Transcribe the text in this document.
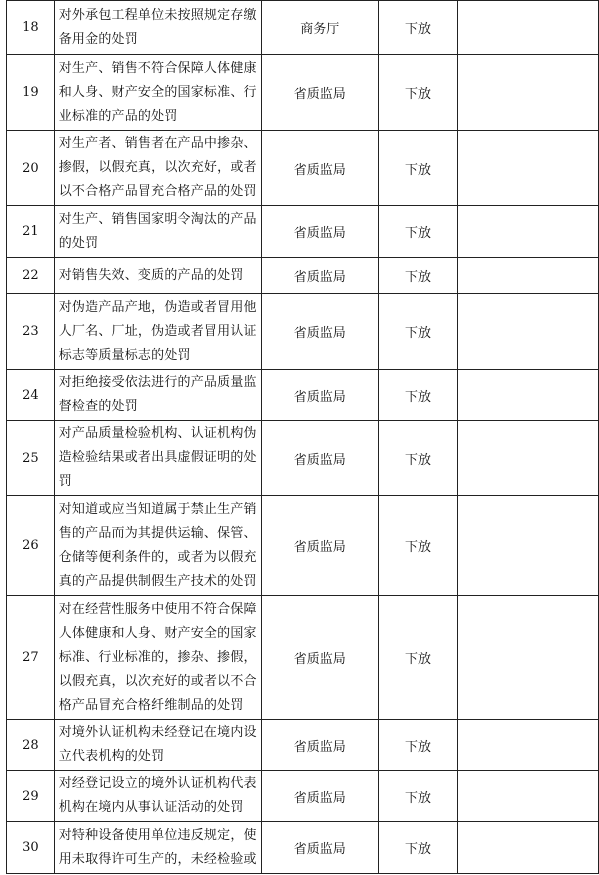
18	对外承包工程单位未按照规定存缴
备用金的处罚	商务厅	下放	
19	对生产、销售不符合保障人体健康
和人身、财产安全的国家标准、行
业标准的产品的处罚	省质监局	下放	
20	对生产者、销售者在产品中掺杂、
掺假，以假充真，以次充好，或者
以不合格产品冒充合格产品的处罚	省质监局	下放	
21	对生产、销售国家明令淘汰的产品
的处罚	省质监局	下放	
22	对销售失效、变质的产品的处罚	省质监局	下放	
23	对伪造产品产地，伪造或者冒用他
人厂名、厂址，伪造或者冒用认证
标志等质量标志的处罚	省质监局	下放	
24	对拒绝接受依法进行的产品质量监
督检查的处罚	省质监局	下放	
25	对产品质量检验机构、认证机构伪
造检验结果或者出具虚假证明的处
罚	省质监局	下放	
26	对知道或应当知道属于禁止生产销
售的产品而为其提供运输、保管、
仓储等便利条件的，或者为以假充
真的产品提供制假生产技术的处罚	省质监局	下放	
27	对在经营性服务中使用不符合保障
人体健康和人身、财产安全的国家
标准、行业标准的，掺杂、掺假，
以假充真，以次充好的或者以不合
格产品冒充合格纤维制品的处罚	省质监局	下放	
28	对境外认证机构未经登记在境内设
立代表机构的处罚	省质监局	下放	
29	对经登记设立的境外认证机构代表
机构在境内从事认证活动的处罚	省质监局	下放	
30	对特种设备使用单位违反规定，使
用未取得许可生产的，未经检验或	省质监局	下放	
